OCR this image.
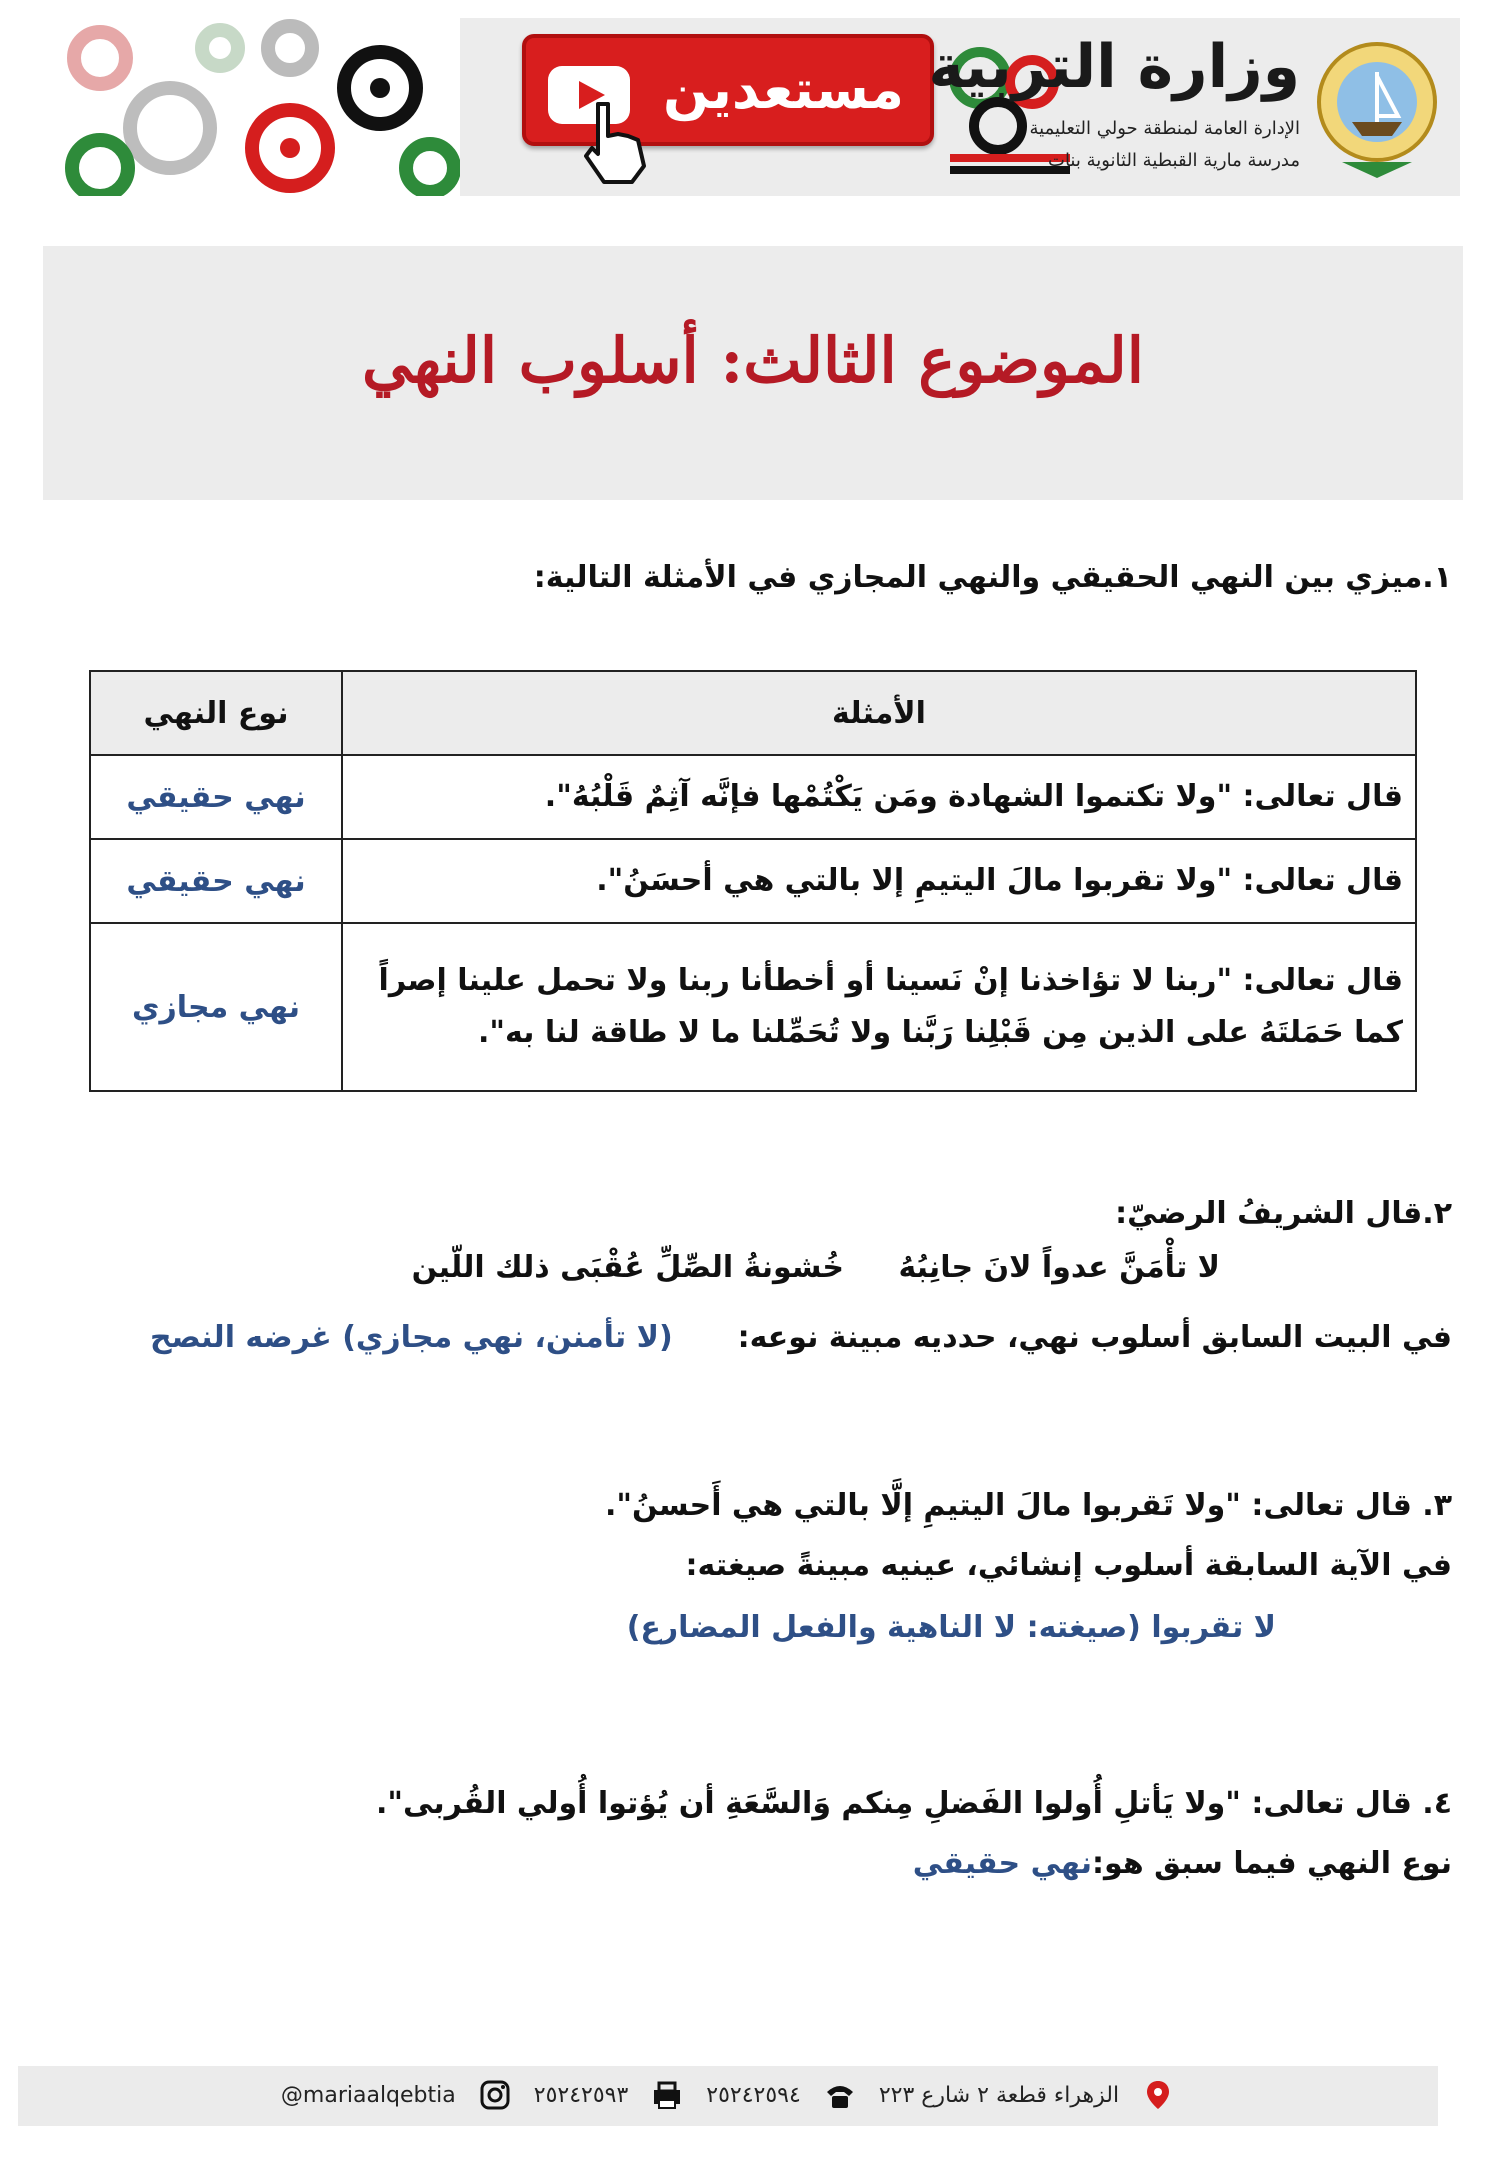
مستعدين وزارة التربية
الإدارة العامة لمنطقة حولي التعليمية
مدرسة مارية القبطية الثانوية بنات
الموضوع الثالث: أسلوب النهي
١.ميزي بين النهي الحقيقي والنهي المجازي في الأمثلة التالية:
الأمثلة	نوع النهي
قال تعالى: "ولا تكتموا الشهادة ومَن يَكْتُمْها فإنَّه آثِمٌ قَلْبُهُ".	نهي حقيقي
قال تعالى: "ولا تقربوا مالَ اليتيمِ إلا بالتي هي أحسَنُ".	نهي حقيقي
قال تعالى: "ربنا لا تؤاخذنا إنْ نَسينا أو أخطأنا ربنا ولا تحمل علينا إصراً كما حَمَلتَهُ على الذين مِن قَبْلِنا رَبَّنا ولا تُحَمِّلنا ما لا طاقة لنا به".	نهي مجازي
٢.قال الشريفُ الرضيّ:
لا تأْمَنَّ عدواً لانَ جانِبُهُ
خُشونةُ الصِّلِّ عُقْبَى ذلك اللّين
في البيت السابق أسلوب نهي، حدديه مبينة نوعه:
(لا تأمنن، نهي مجازي) غرضه النصح
٣. قال تعالى: "ولا تَقربوا مالَ اليتيمِ إلَّا بالتي هي أَحسنُ".
في الآية السابقة أسلوب إنشائي، عينيه مبينةً صيغته:
لا تقربوا (صيغته: لا الناهية والفعل المضارع)
٤. قال تعالى: "ولا يَأتلِ أُولوا الفَضلِ مِنكم وَالسَّعَةِ أن يُؤتوا أُولي القُربى".
نوع النهي فيما سبق هو:
نهي حقيقي
@mariaalqebtia	٢٥٢٤٢٥٩٣	٢٥٢٤٢٥٩٤	الزهراء قطعة ٢ شارع ٢٢٣
